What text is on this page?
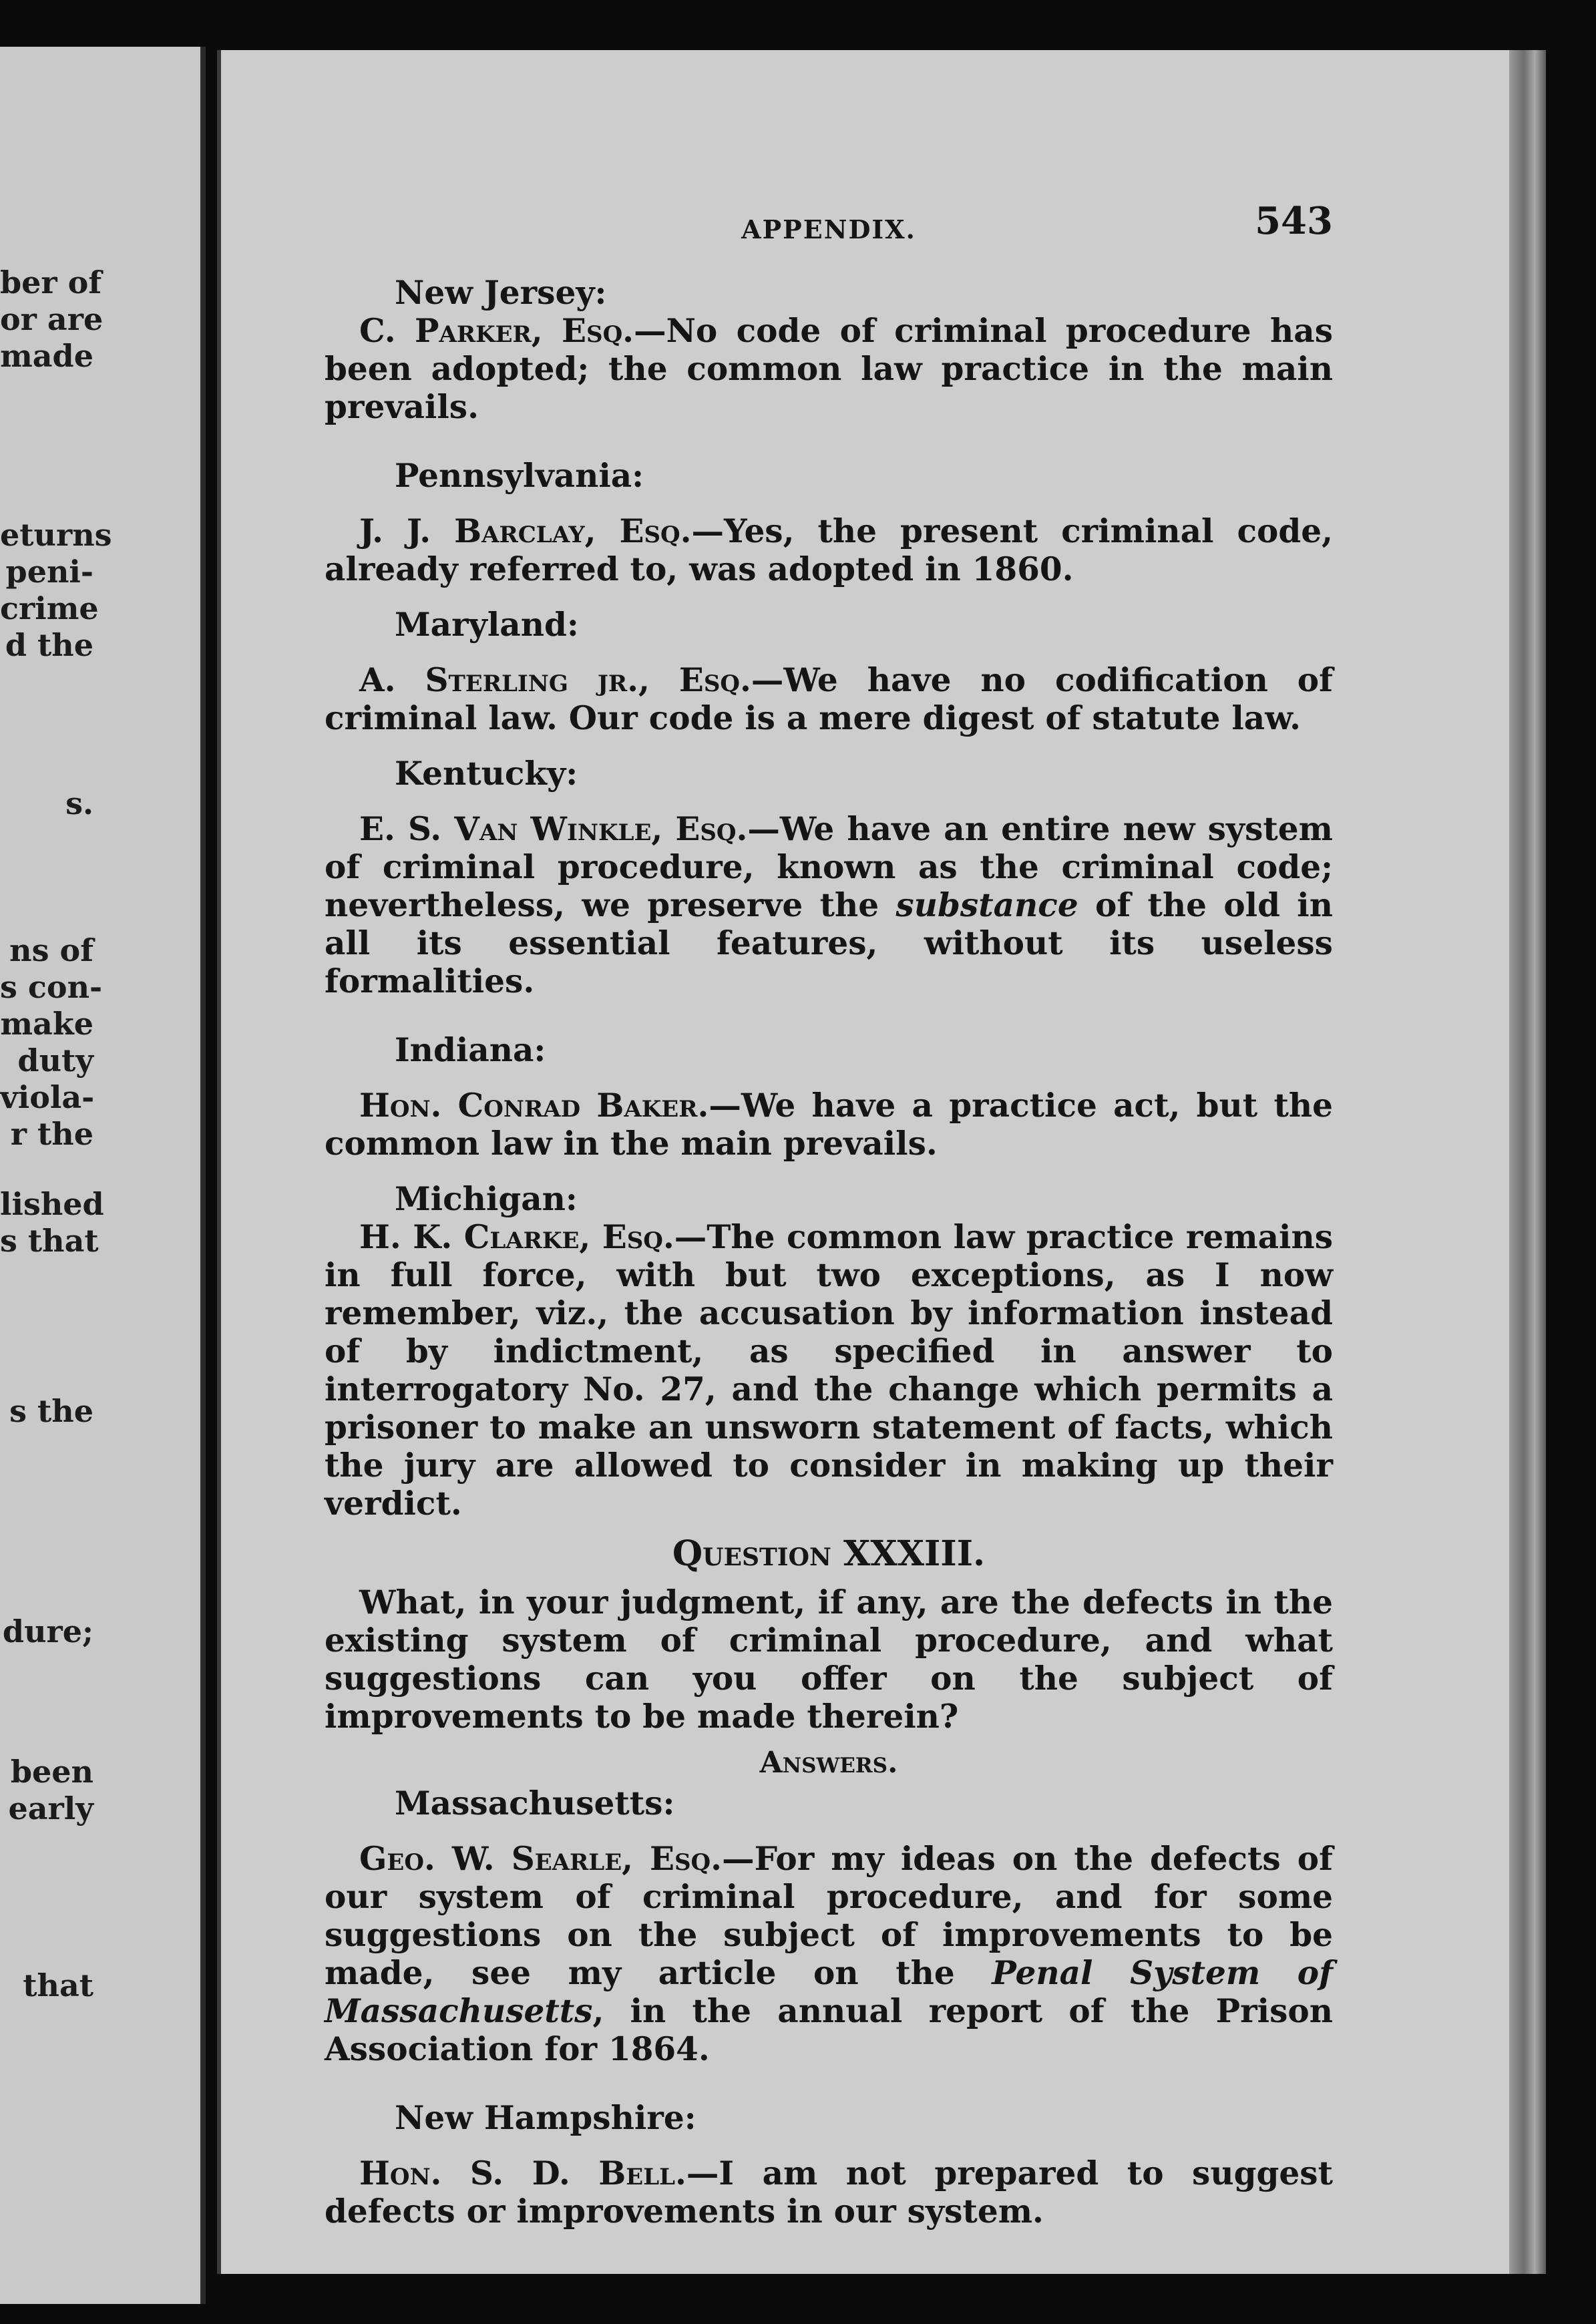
ber of
or are
made
eturns
peni-
crime
d the
s.
ns of
s con-
make
duty
viola-
r the
lished
s that
s the
dure;
been
early
that
APPENDIX.	543

New Jersey:

C. Parker, Esq.—No code of criminal procedure has been adopted; the common law practice in the main prevails.

Pennsylvania:

J. J. Barclay, Esq.—Yes, the present criminal code, already referred to, was adopted in 1860.

Maryland:

A. Sterling jr., Esq.—We have no codification of criminal law. Our code is a mere digest of statute law.

Kentucky:

E. S. Van Winkle, Esq.—We have an entire new system of criminal procedure, known as the criminal code; nevertheless, we preserve the substance of the old in all its essential features, without its useless formalities.

Indiana:

Hon. Conrad Baker.—We have a practice act, but the common law in the main prevails.

Michigan:

H. K. Clarke, Esq.—The common law practice remains in full force, with but two exceptions, as I now remember, viz., the accusation by information instead of by indictment, as specified in answer to interrogatory No. 27, and the change which permits a prisoner to make an unsworn statement of facts, which the jury are allowed to consider in making up their verdict.

Question XXXIII.

What, in your judgment, if any, are the defects in the existing system of criminal procedure, and what suggestions can you offer on the subject of improvements to be made therein?

Answers.

Massachusetts:

Geo. W. Searle, Esq.—For my ideas on the defects of our system of criminal procedure, and for some suggestions on the subject of improvements to be made, see my article on the Penal System of Massachusetts, in the annual report of the Prison Association for 1864.

New Hampshire:

Hon. S. D. Bell.—I am not prepared to suggest defects or improvements in our system.
